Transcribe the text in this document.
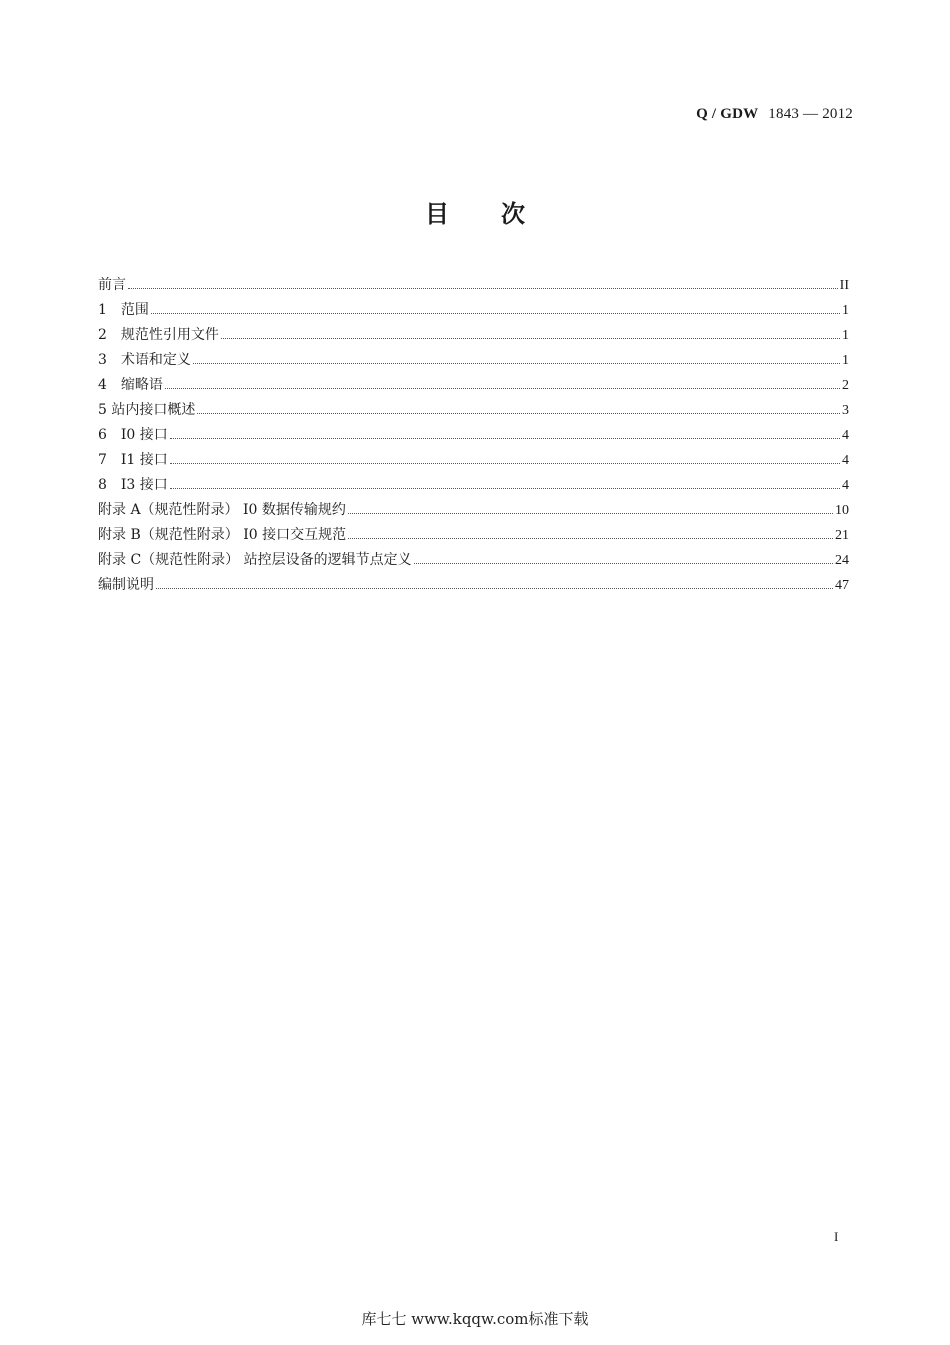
Q / GDW 1843 — 2012
目次
前言	II
1　范围	1
2　规范性引用文件	1
3　术语和定义	1
4　缩略语	2
5 站内接口概述	3
6　I0 接口	4
7　I1 接口	4
8　I3 接口	4
附录 A（规范性附录） I0 数据传输规约	10
附录 B（规范性附录） I0 接口交互规范	21
附录 C（规范性附录） 站控层设备的逻辑节点定义	24
编制说明	47
I
库七七 www.kqqw.com标准下载
